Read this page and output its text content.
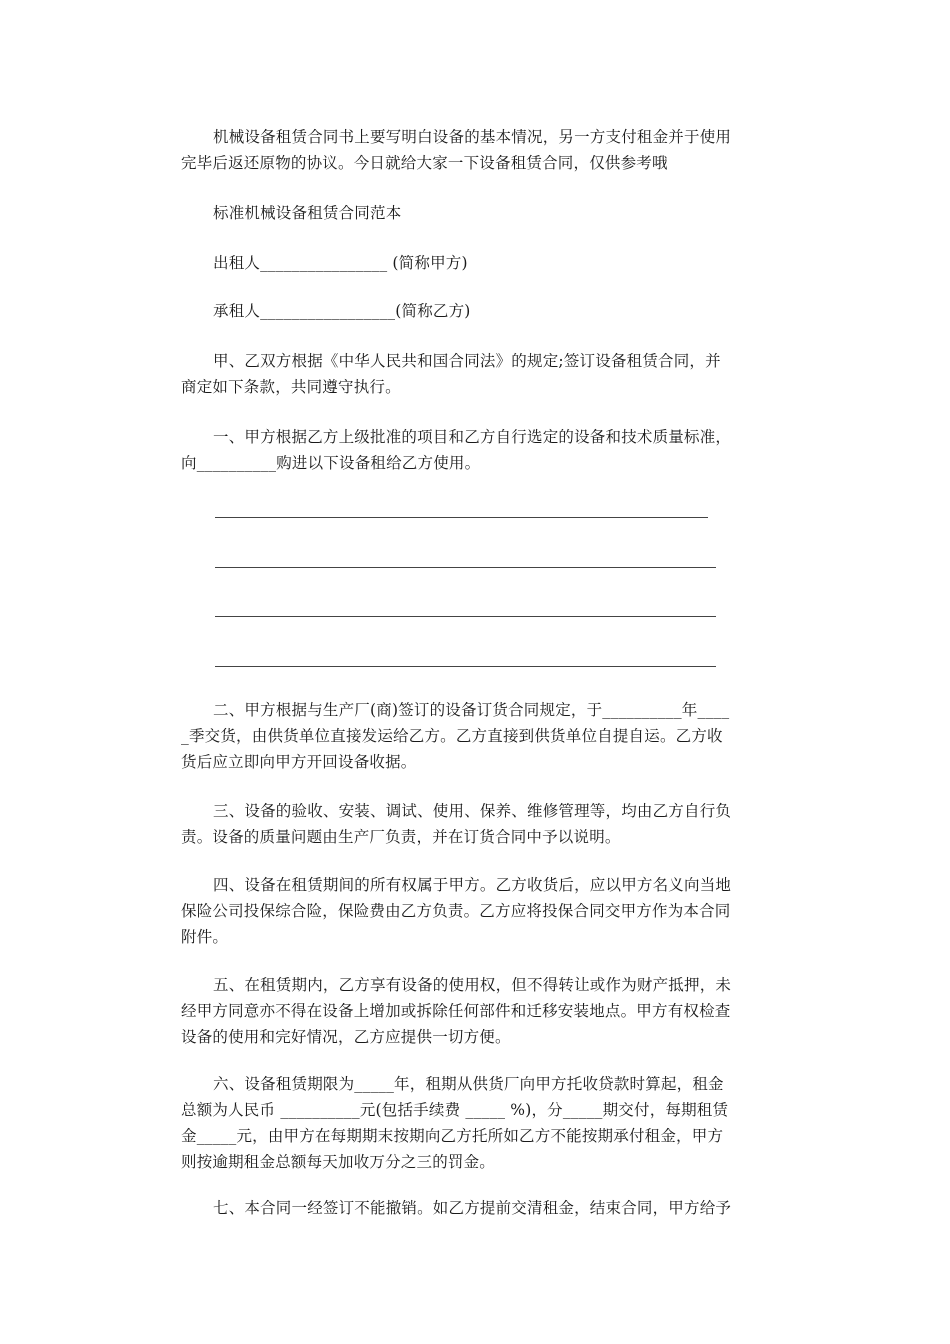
机械设备租赁合同书上要写明白设备的基本情况，另一方支付租金并于使用
完毕后返还原物的协议。今日就给大家一下设备租赁合同，仅供参考哦

标准机械设备租赁合同范本

出租人________________ (简称甲方)

承租人_________________(简称乙方)

甲、乙双方根据《中华人民共和国合同法》的规定;签订设备租赁合同，并
商定如下条款，共同遵守执行。

一、甲方根据乙方上级批准的项目和乙方自行选定的设备和技术质量标准，
向__________购进以下设备租给乙方使用。

二、甲方根据与生产厂(商)签订的设备订货合同规定，于__________年____
_季交货，由供货单位直接发运给乙方。乙方直接到供货单位自提自运。乙方收
货后应立即向甲方开回设备收据。

三、设备的验收、安装、调试、使用、保养、维修管理等，均由乙方自行负
责。设备的质量问题由生产厂负责，并在订货合同中予以说明。

四、设备在租赁期间的所有权属于甲方。乙方收货后，应以甲方名义向当地
保险公司投保综合险，保险费由乙方负责。乙方应将投保合同交甲方作为本合同
附件。

五、在租赁期内，乙方享有设备的使用权，但不得转让或作为财产抵押，未
经甲方同意亦不得在设备上增加或拆除任何部件和迁移安装地点。甲方有权检查
设备的使用和完好情况，乙方应提供一切方便。

六、设备租赁期限为_____年，租期从供货厂向甲方托收贷款时算起，租金
总额为人民币 __________元(包括手续费 _____ %)，分_____期交付，每期租赁
金_____元，由甲方在每期期末按期向乙方托所如乙方不能按期承付租金，甲方
则按逾期租金总额每天加收万分之三的罚金。

七、本合同一经签订不能撤销。如乙方提前交清租金，结束合同，甲方给予
